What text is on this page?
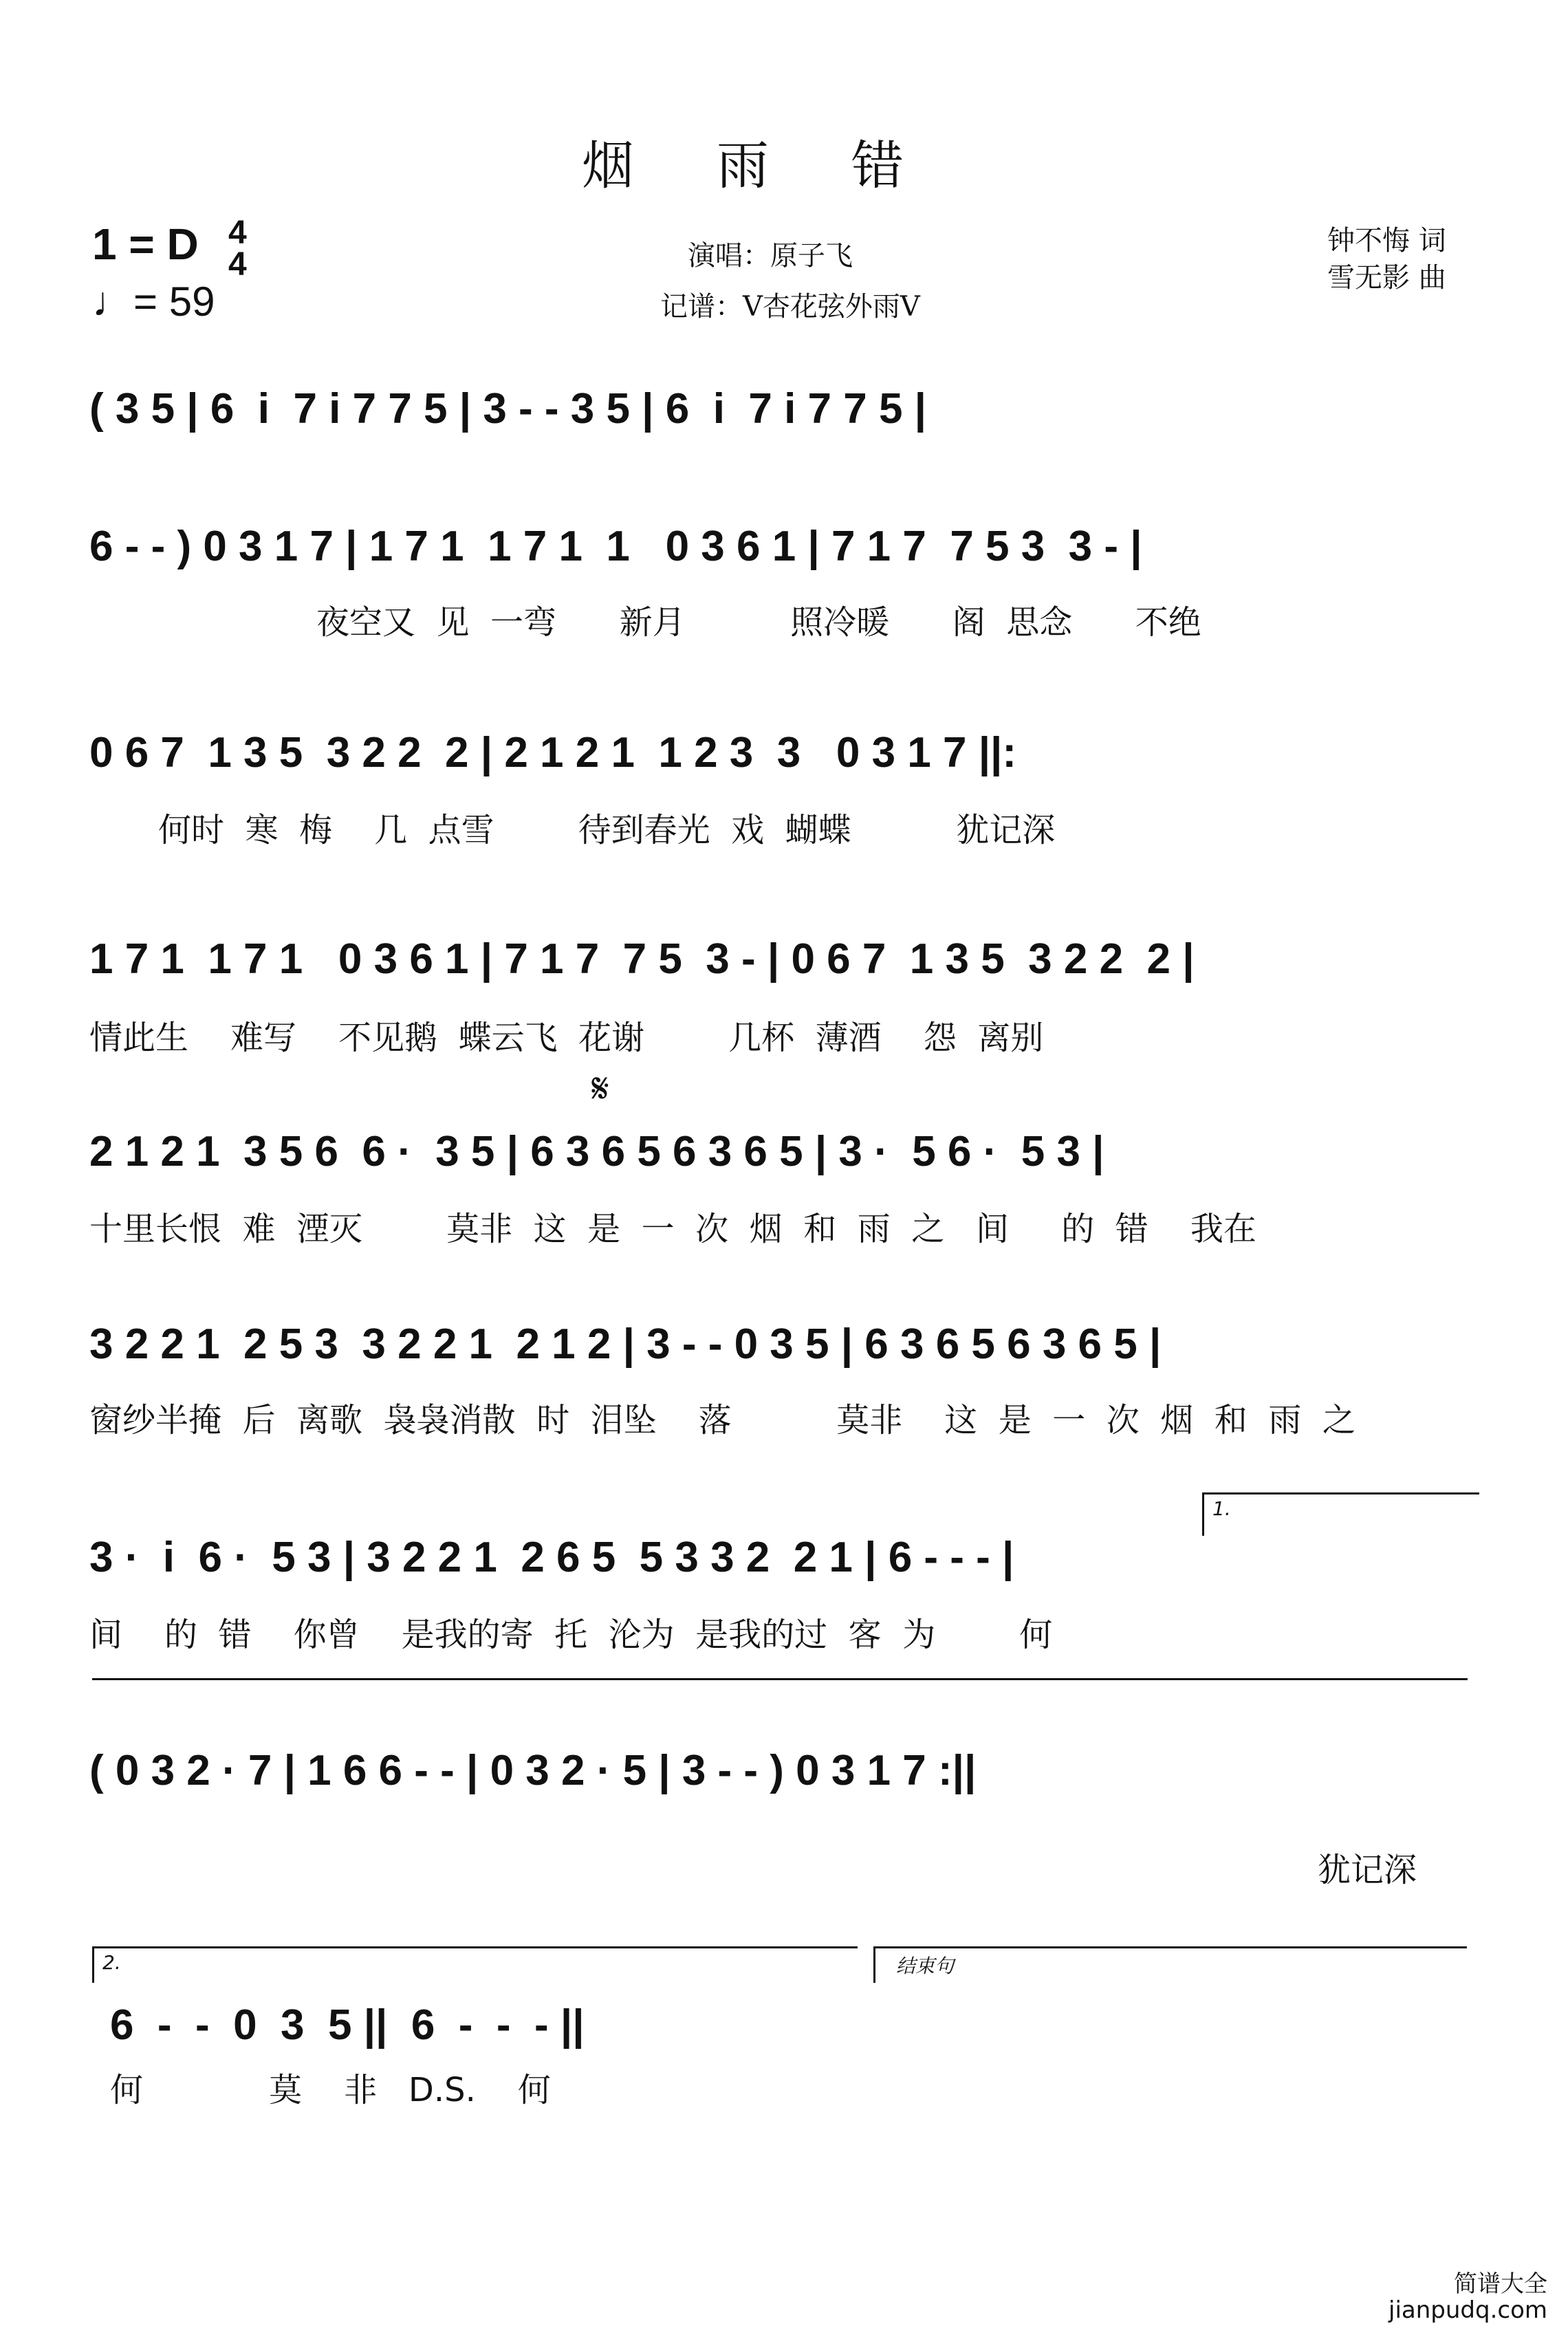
烟雨错
1 = D 4
4
♩= 59
演唱：原子飞
记谱：V杏花弦外雨V
钟不悔 词
雪无影 曲
( 3 5 | 6  i  7 i 7 7 5 | 3 - - 3 5 | 6  i  7 i 7 7 5 |
6 - - ) 0 3 1 7 | 1 7 1  1 7 1  1   0 3 6 1 | 7 1 7  7 5 3  3 - |
夜空又  见  一弯      新月          照冷暖      阁  思念      不绝
0 6 7  1 3 5  3 2 2  2 | 2 1 2 1  1 2 3  3   0 3 1 7 ||:
何时  寒  梅    几  点雪        待到春光  戏  蝴蝶          犹记深
1 7 1  1 7 1   0 3 6 1 | 7 1 7  7 5  3 - | 0 6 7  1 3 5  3 2 2  2 |
情此生    难写    不见鹅  蝶云飞  花谢        几杯  薄酒    怨  离别
𝄋
2 1 2 1  3 5 6  6 ·  3 5 | 6 3 6 5 6 3 6 5 | 3 ·  5 6 ·  5 3 |
十里长恨  难  湮灭        莫非  这  是  一  次  烟  和  雨  之   间     的  错    我在
3 2 2 1  2 5 3  3 2 2 1  2 1 2 | 3 - - 0 3 5 | 6 3 6 5 6 3 6 5 |
窗纱半掩  后  离歌  袅袅消散  时  泪坠    落          莫非    这  是  一  次  烟  和  雨  之
1.
3 ·  i  6 ·  5 3 | 3 2 2 1  2 6 5  5 3 3 2  2 1 | 6 - - - |
间    的  错    你曾    是我的寄  托  沦为  是我的过  客  为        何
( 0 3 2 · 7 | 1 6 6 - - | 0 3 2 · 5 | 3 - - ) 0 3 1 7 :||
犹记深
2.	结束句
6  -  -  0  3  5 ||  6  -  -  - ||
何            莫    非   D.S.    何
简谱大全
jianpudq.com
